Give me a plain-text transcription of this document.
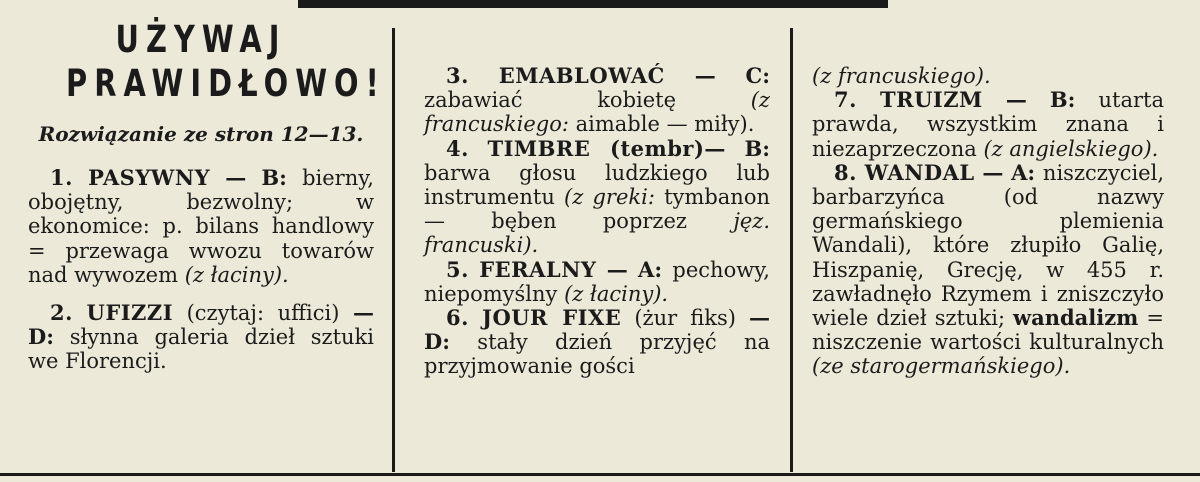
UŻYWAJ
PRAWIDŁOWO!
Rozwiązanie ze stron 12—13.

1. PASYWNY — B: bierny, obojętny, bezwolny; w ekonomice: p. bilans handlowy = przewaga wwozu towarów nad wywozem (z łaciny).

2. UFIZZI (czytaj: uffici) — D: słynna galeria dzieł sztuki we Florencji.

3. EMABLOWAĆ — C: zabawiać kobietę	(z francuskiego: aimable — miły).

4. TIMBRE (tembr)— B: barwa głosu ludzkiego lub instrumentu (z greki: tymbanon — bęben poprzez jęz. francuski).

5. FERALNY — A: pechowy, niepomyślny (z łaciny).

6. JOUR FIXE (żur fiks) — D: stały dzień przyjęć na przyjmowanie gości

(z francuskiego).

7. TRUIZM — B: utarta prawda, wszystkim znana i niezaprzeczona (z angielskiego).

8. WANDAL — A: niszczyciel, barbarzyńca (od nazwy germańskiego plemienia Wandali), które złupiło Galię, Hiszpanię, Grecję, w 455 r. zawładnęło Rzymem i zniszczyło wiele dzieł sztuki; wandalizm = niszczenie wartości kulturalnych (ze starogermańskiego).
